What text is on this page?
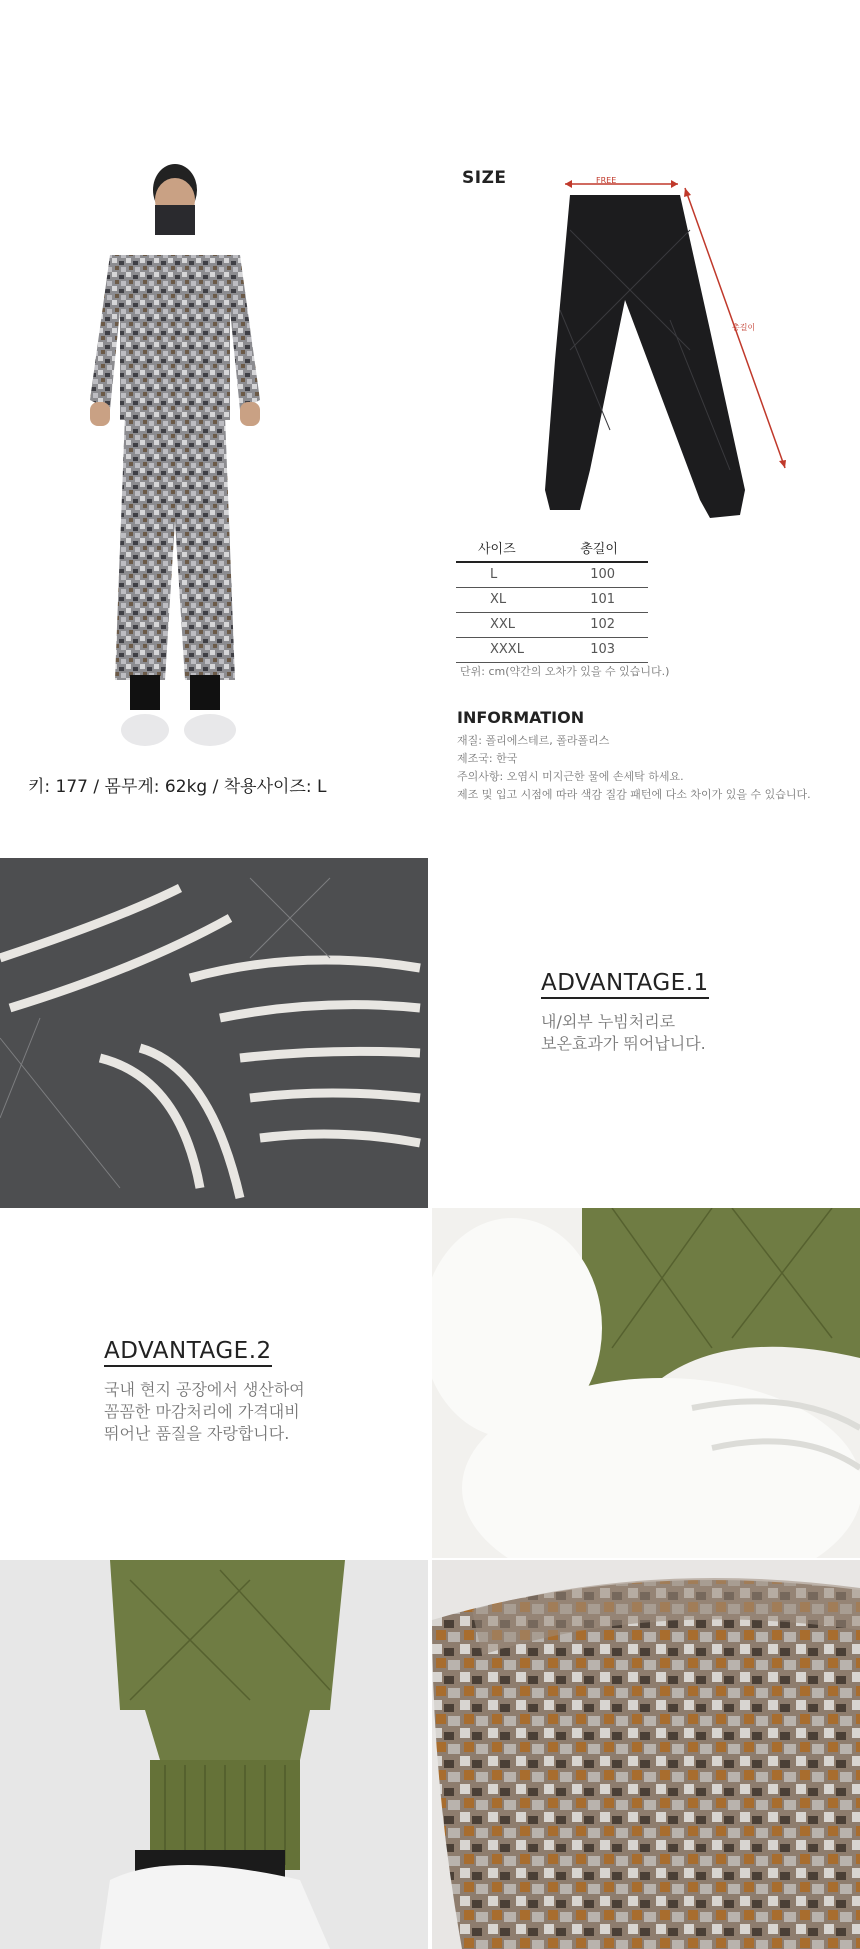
키: 177 / 몸무게: 62kg / 착용사이즈: L
SIZE	FREE
총길이
사이즈	총길이
L	100
XL	101
XXL	102
XXXL	103
단위: cm(약간의 오차가 있을 수 있습니다.)
INFORMATION
재질: 폴리에스테르, 폴라폴리스
제조국: 한국
주의사항: 오염시 미지근한 물에 손세탁 하세요.
제조 및 입고 시점에 따라 색감 질감 패턴에 다소 차이가 있을 수 있습니다.
ADVANTAGE.1
내/외부 누빔처리로
보온효과가 뛰어납니다.
ADVANTAGE.2
국내 현지 공장에서 생산하여
꼼꼼한 마감처리에 가격대비
뛰어난 품질을 자랑합니다.
